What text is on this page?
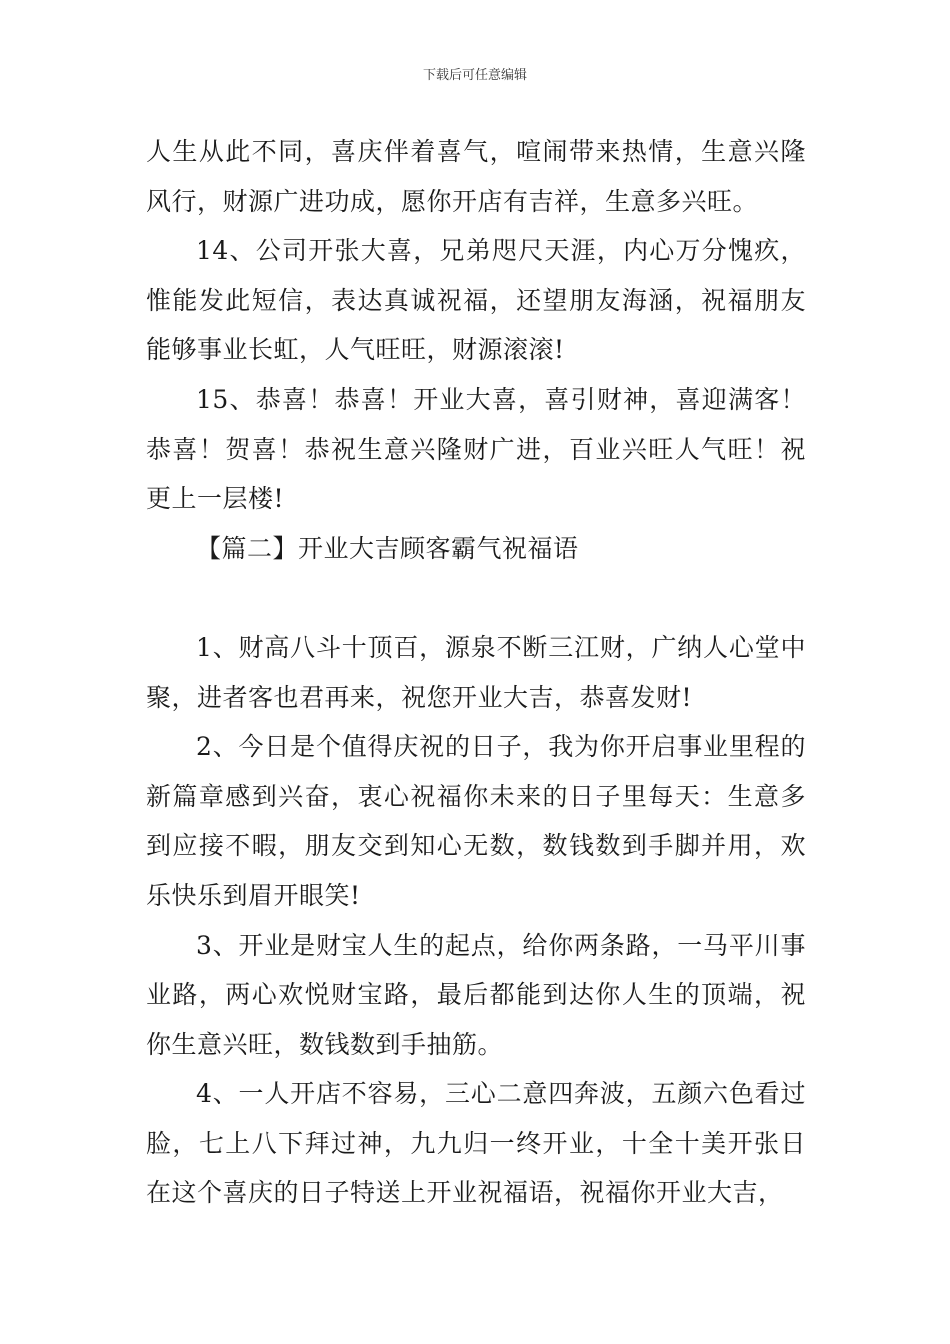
下载后可任意编辑

人生从此不同，喜庆伴着喜气，喧闹带来热情，生意兴隆风行，财源广进功成，愿你开店有吉祥，生意多兴旺。

14、公司开张大喜，兄弟咫尺天涯，内心万分愧疚，惟能发此短信，表达真诚祝福，还望朋友海涵，祝福朋友能够事业长虹，人气旺旺，财源滚滚!

15、恭喜！恭喜！开业大喜，喜引财神，喜迎满客！恭喜！贺喜！恭祝生意兴隆财广进，百业兴旺人气旺！祝更上一层楼!

【篇二】开业大吉顾客霸气祝福语

1、财高八斗十顶百，源泉不断三江财，广纳人心堂中聚，进者客也君再来，祝您开业大吉，恭喜发财!

2、今日是个值得庆祝的日子，我为你开启事业里程的新篇章感到兴奋，衷心祝福你未来的日子里每天：生意多到应接不暇，朋友交到知心无数，数钱数到手脚并用，欢乐快乐到眉开眼笑!

3、开业是财宝人生的起点，给你两条路，一马平川事业路，两心欢悦财宝路，最后都能到达你人生的顶端，祝你生意兴旺，数钱数到手抽筋。

4、一人开店不容易，三心二意四奔波，五颜六色看过脸，七上八下拜过神，九九归一终开业，十全十美开张日在这个喜庆的日子特送上开业祝福语，祝福你开业大吉，
